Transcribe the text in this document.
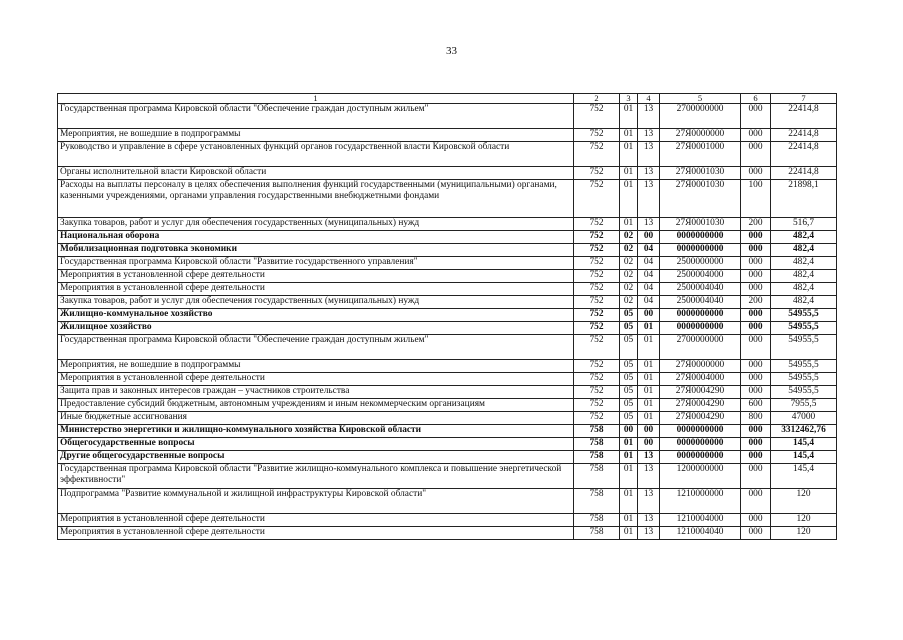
33
1	2	3	4	5	6	7
Государственная программа Кировской области "Обеспечение граждан доступным жильем"	752	01	13	2700000000	000	22414,8
Мероприятия, не вошедшие в подпрограммы	752	01	13	27Я0000000	000	22414,8
Руководство и управление в сфере установленных функций органов государственной власти Кировской области	752	01	13	27Я0001000	000	22414,8
Органы исполнительной власти Кировской области	752	01	13	27Я0001030	000	22414,8
Расходы на выплаты персоналу в целях обеспечения выполнения функций государственными (муниципальными) органами, казенными учреждениями, органами управления государственными внебюджетными фондами	752	01	13	27Я0001030	100	21898,1
Закупка товаров, работ и услуг для обеспечения государственных (муниципальных) нужд	752	01	13	27Я0001030	200	516,7
Национальная оборона	752	02	00	0000000000	000	482,4
Мобилизационная подготовка экономики	752	02	04	0000000000	000	482,4
Государственная программа Кировской области "Развитие государственного управления"	752	02	04	2500000000	000	482,4
Мероприятия в установленной сфере деятельности	752	02	04	2500004000	000	482,4
Мероприятия в установленной сфере деятельности	752	02	04	2500004040	000	482,4
Закупка товаров, работ и услуг для обеспечения государственных (муниципальных) нужд	752	02	04	2500004040	200	482,4
Жилищно-коммунальное хозяйство	752	05	00	0000000000	000	54955,5
Жилищное хозяйство	752	05	01	0000000000	000	54955,5
Государственная программа Кировской области "Обеспечение граждан доступным жильем"	752	05	01	2700000000	000	54955,5
Мероприятия, не вошедшие в подпрограммы	752	05	01	27Я0000000	000	54955,5
Мероприятия в установленной сфере деятельности	752	05	01	27Я0004000	000	54955,5
Защита прав и законных интересов граждан – участников строительства	752	05	01	27Я0004290	000	54955,5
Предоставление субсидий бюджетным, автономным учреждениям и иным некоммерческим организациям	752	05	01	27Я0004290	600	7955,5
Иные бюджетные ассигнования	752	05	01	27Я0004290	800	47000
Министерство энергетики и жилищно-коммунального хозяйства Кировской области	758	00	00	0000000000	000	3312462,76
Общегосударственные вопросы	758	01	00	0000000000	000	145,4
Другие общегосударственные вопросы	758	01	13	0000000000	000	145,4
Государственная программа Кировской области "Развитие жилищно-коммунального комплекса и повышение энергетической эффективности"	758	01	13	1200000000	000	145,4
Подпрограмма "Развитие коммунальной и жилищной инфраструктуры Кировской области"	758	01	13	1210000000	000	120
Мероприятия в установленной сфере деятельности	758	01	13	1210004000	000	120
Мероприятия в установленной сфере деятельности	758	01	13	1210004040	000	120
